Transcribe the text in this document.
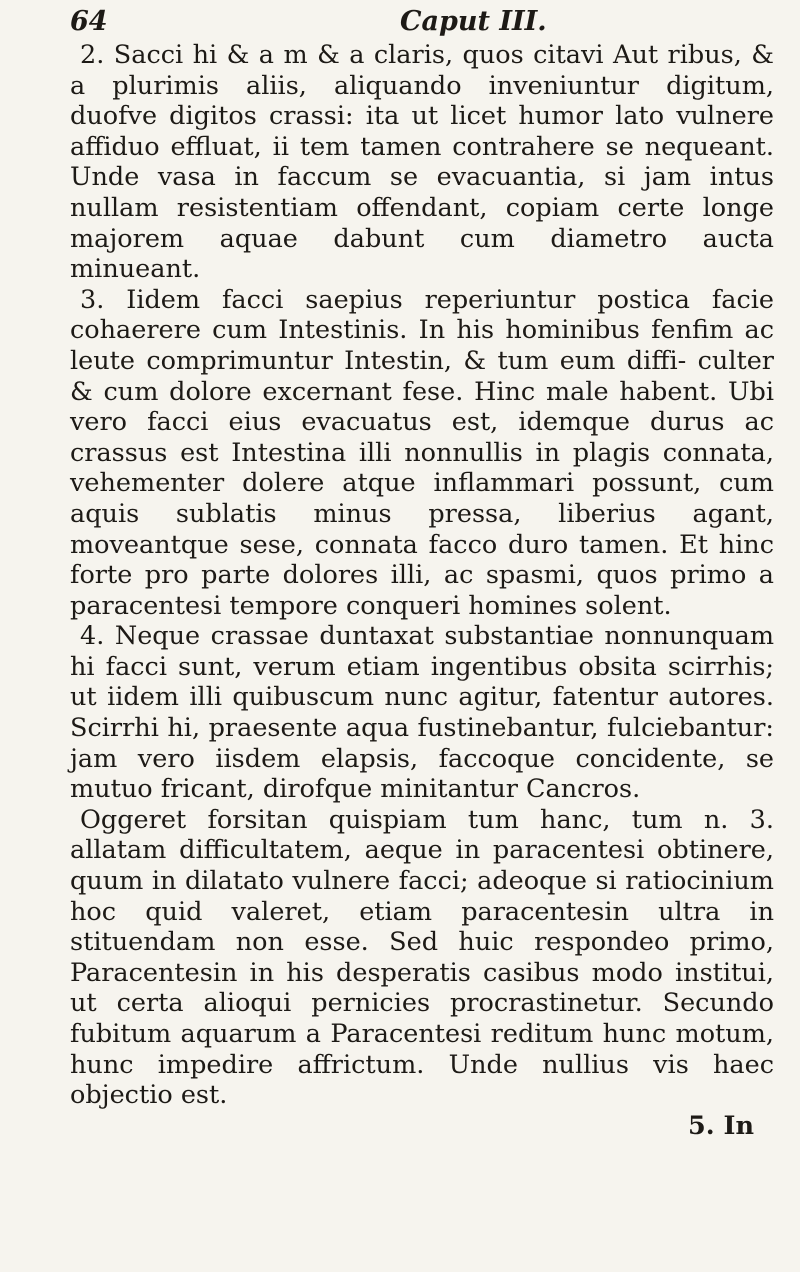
64	Caput III.

2. Sacci hi & a m & a claris, quos citavi Aut ribus, & a plurimis aliis, aliquando inveniuntur digitum, duofve digitos crassi: ita ut licet humor lato vulnere affiduo effluat, ii tem tamen contrahere se nequeant. Unde vasa in faccum se evacuantia, si jam intus nullam resistentiam offendant, copiam certe longe majorem aquae dabunt cum diametro aucta minueant.

3. Iidem facci saepius reperiuntur postica facie cohaerere cum Intestinis. In his hominibus fenfim ac leute comprimuntur Intestin, & tum eum diffi- culter & cum dolore excernant fese. Hinc male habent. Ubi vero facci eius evacuatus est, idemque durus ac crassus est Intestina illi nonnullis in plagis connata, vehementer dolere atque inflammari possunt, cum aquis sublatis minus pressa, liberius agant, moveantque sese, connata facco duro tamen. Et hinc forte pro parte dolores illi, ac spasmi, quos primo a paracentesi tempore conqueri homines solent.

4. Neque crassae duntaxat substantiae nonnunquam hi facci sunt, verum etiam ingentibus obsita scirrhis; ut iidem illi quibuscum nunc agitur, fatentur autores. Scirrhi hi, praesente aqua fustinebantur, fulciebantur: jam vero iisdem elapsis, faccoque concidente, se mutuo fricant, dirofque minitantur Cancros.

Oggeret forsitan quispiam tum hanc, tum n. 3. allatam difficultatem, aeque in paracentesi obtinere, quum in dilatato vulnere facci; adeoque si ratiocinium hoc quid valeret, etiam paracentesin ultra in stituendam non esse. Sed huic respondeo primo, Paracentesin in his desperatis casibus modo institui, ut certa alioqui pernicies procrastinetur. Secundo fubitum aquarum a Paracentesi reditum hunc motum, hunc impedire affrictum. Unde nullius vis haec objectio est.

5. In
